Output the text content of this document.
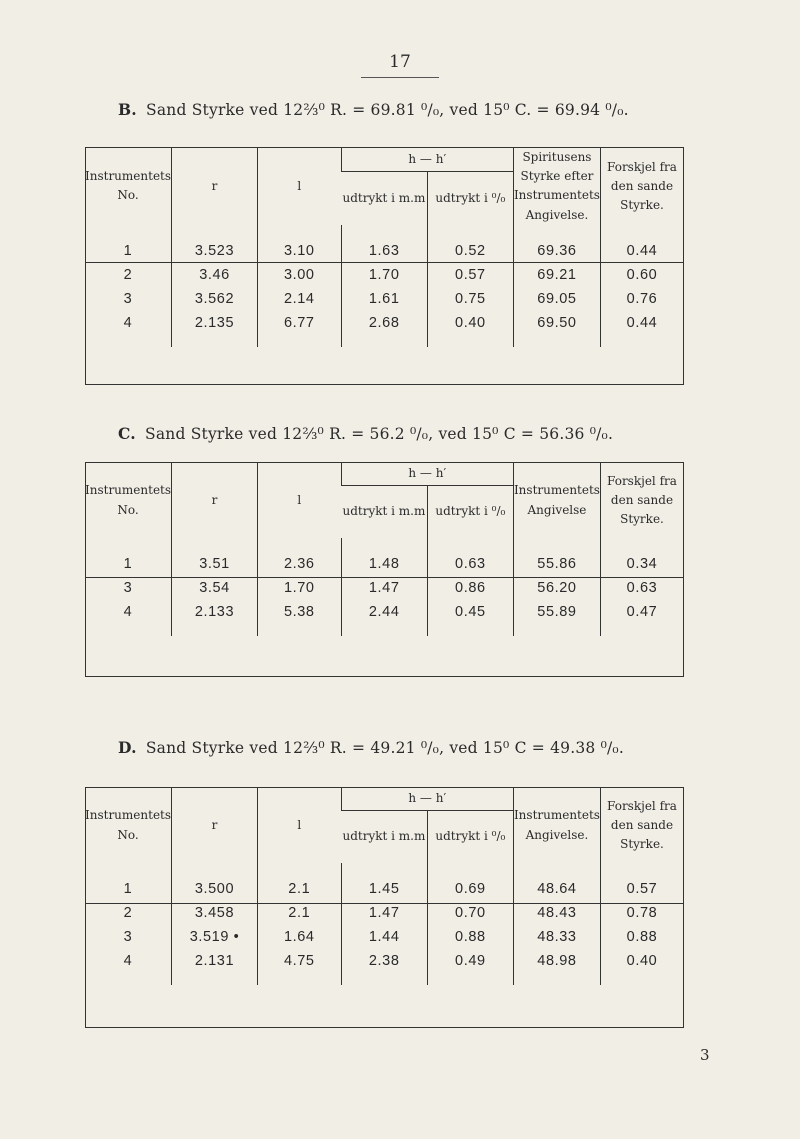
17
B. Sand Styrke ved 12⅔⁰ R. = 69.81 ⁰/₀, ved 15⁰ C. = 69.94 ⁰/₀.
Instrumentets No.	r	l	h — h′		Spiritusens Styrke efter Instrumentets Angivelse.	Forskjel fra den sande Styrke.
			udtrykt i m.m	udtrykt i ⁰/₀		
1	3.523	3.10	1.63	0.52	69.36	0.44
2	3.46	3.00	1.70	0.57	69.21	0.60
3	3.562	2.14	1.61	0.75	69.05	0.76
4	2.135	6.77	2.68	0.40	69.50	0.44
C. Sand Styrke ved 12⅔⁰ R. = 56.2 ⁰/₀, ved 15⁰ C = 56.36 ⁰/₀.
Instrumentets No.	r	l	h — h′		Instrumentets Angivelse	Forskjel fra den sande Styrke.
			udtrykt i m.m	udtrykt i ⁰/₀		
1	3.51	2.36	1.48	0.63	55.86	0.34
3	3.54	1.70	1.47	0.86	56.20	0.63
4	2.133	5.38	2.44	0.45	55.89	0.47
D. Sand Styrke ved 12⅔⁰ R. = 49.21 ⁰/₀, ved 15⁰ C = 49.38 ⁰/₀.
Instrumentets No.	r	l	h — h′		Instrumentets Angivelse.	Forskjel fra den sande Styrke.
			udtrykt i m.m	udtrykt i ⁰/₀		
1	3.500	2.1	1.45	0.69	48.64	0.57
2	3.458	2.1	1.47	0.70	48.43	0.78
3	3.519 •	1.64	1.44	0.88	48.33	0.88
4	2.131	4.75	2.38	0.49	48.98	0.40
3
